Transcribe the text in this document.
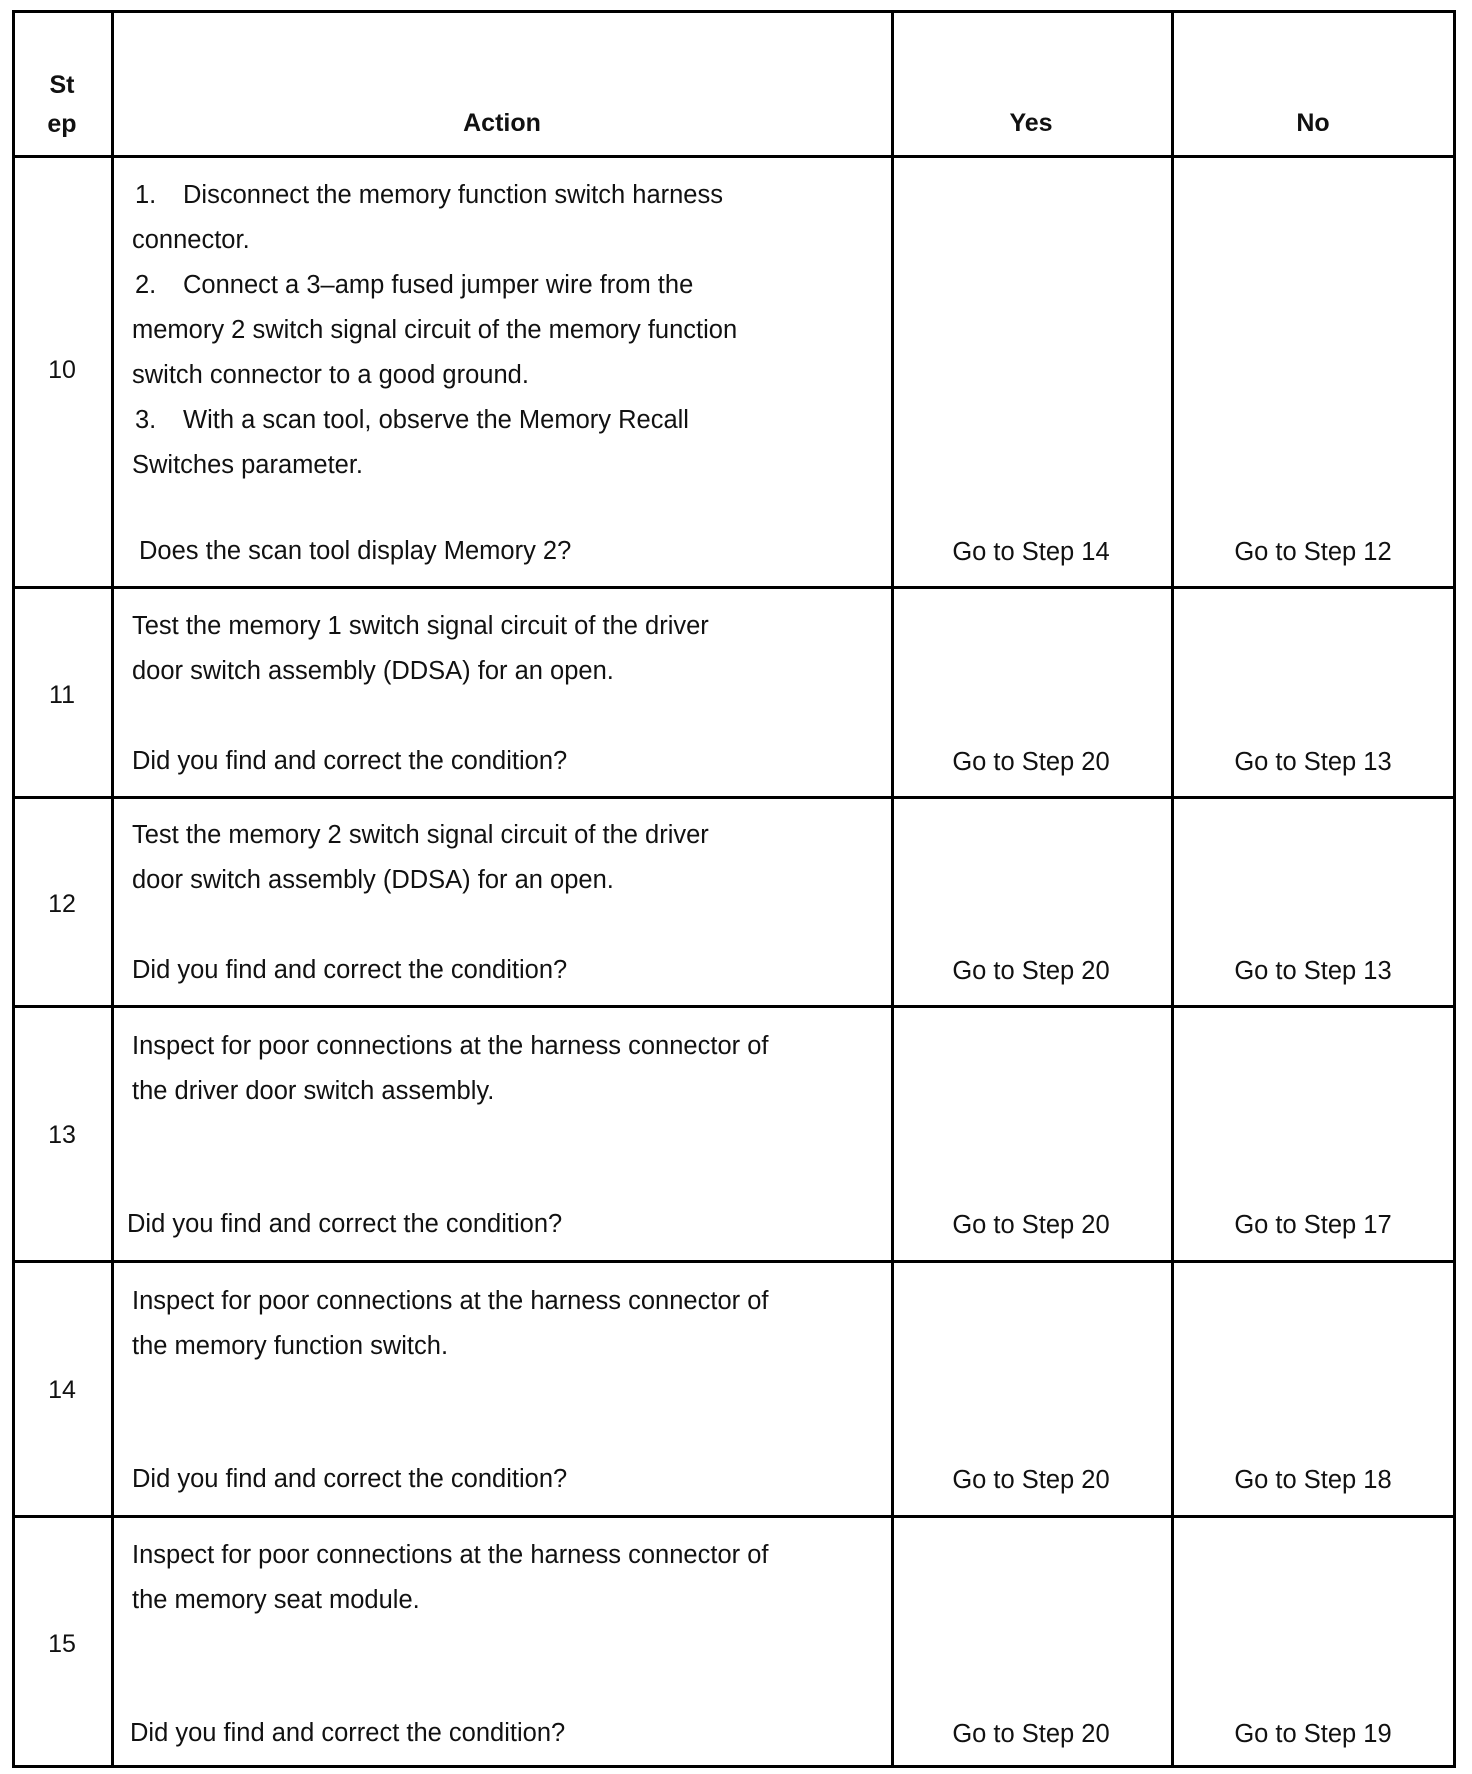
St
ep	Action	Yes	No
10
1. Disconnect the memory function switch harness
connector.
2. Connect a 3–amp fused jumper wire from the
memory 2 switch signal circuit of the memory function
switch connector to a good ground.
3. With a scan tool, observe the Memory Recall
Switches parameter.
Does the scan tool display Memory 2?	Go to Step 14	Go to Step 12
11
Test the memory 1 switch signal circuit of the driver
door switch assembly (DDSA) for an open.
Did you find and correct the condition?	Go to Step 20	Go to Step 13
12
Test the memory 2 switch signal circuit of the driver
door switch assembly (DDSA) for an open.
Did you find and correct the condition?	Go to Step 20	Go to Step 13
13
Inspect for poor connections at the harness connector of
the driver door switch assembly.
Did you find and correct the condition?	Go to Step 20	Go to Step 17
14
Inspect for poor connections at the harness connector of
the memory function switch.
Did you find and correct the condition?	Go to Step 20	Go to Step 18
15
Inspect for poor connections at the harness connector of
the memory seat module.
Did you find and correct the condition?	Go to Step 20	Go to Step 19
